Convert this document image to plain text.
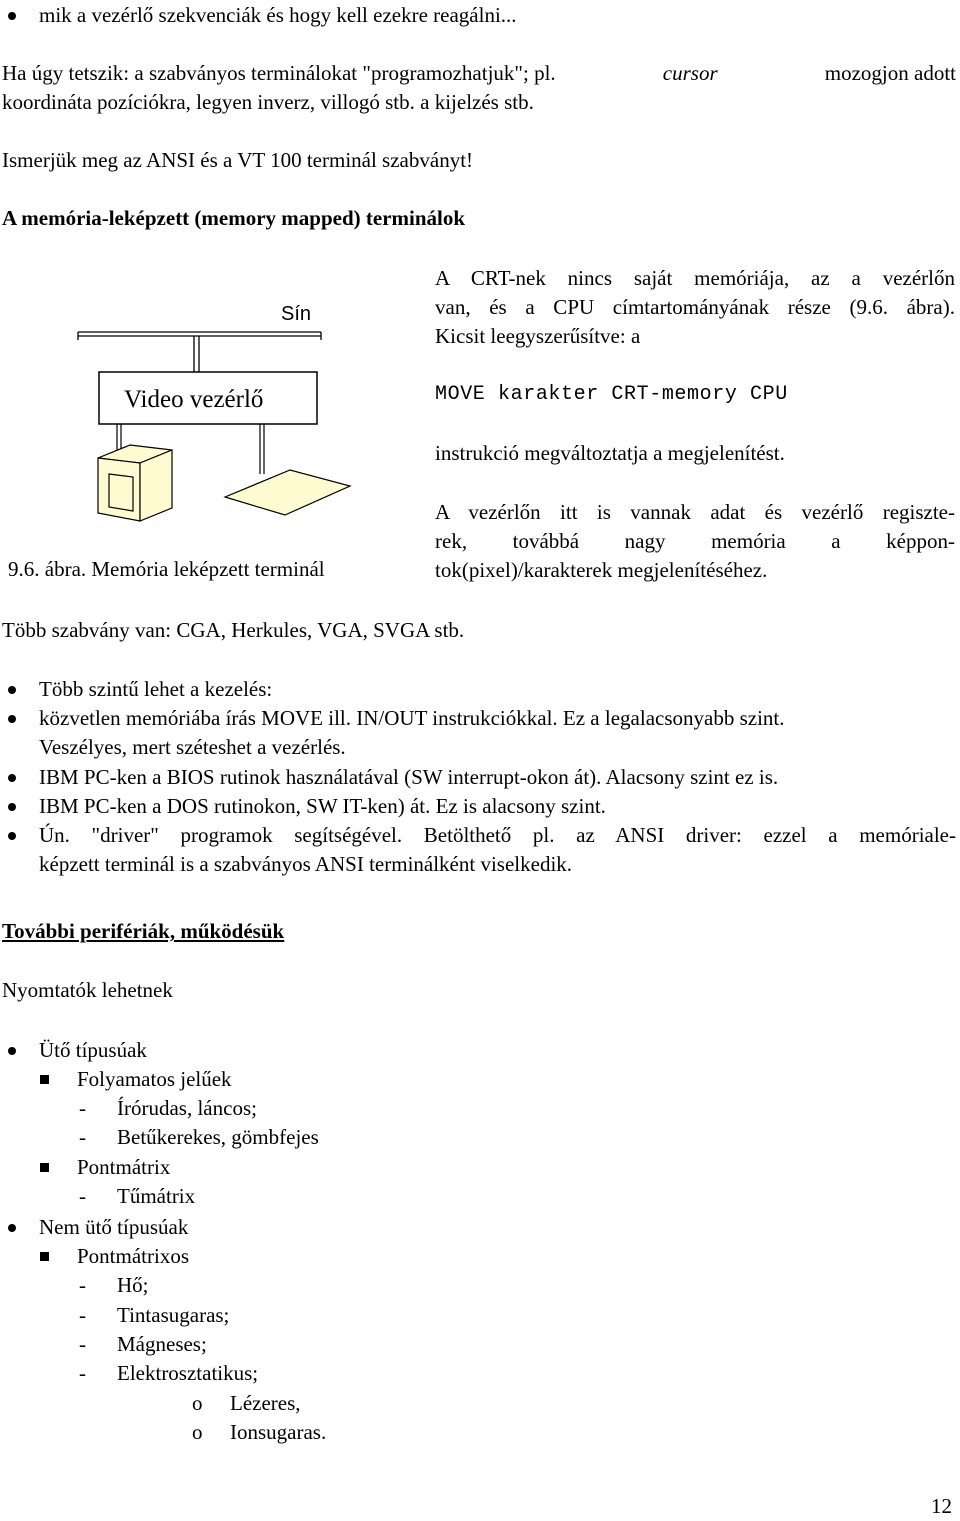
mik a vezérlő szekvenciák és hogy kell ezekre reagálni...
Ha úgy tetszik: a szabványos terminálokat "programozhatjuk"; pl.	cursor	mozogjon adott
koordináta pozíciókra, legyen inverz, villogó stb. a kijelzés stb.
Ismerjük meg az ANSI és a VT 100 terminál szabványt!
A memória-leképzett (memory mapped) terminálok
Sín
Video vezérlő
9.6. ábra. Memória leképzett terminál
A CRT-nek nincs saját memóriája, az a vezérlőn
van, és a CPU címtartományának része (9.6. ábra).
Kicsit leegyszerűsítve: a
MOVE karakter CRT-memory CPU
instrukció megváltoztatja a megjelenítést.
A vezérlőn itt is vannak adat és vezérlő regiszte-
rek, továbbá nagy memória a képpon-
tok(pixel)/karakterek megjelenítéséhez.
Több szabvány van: CGA, Herkules, VGA, SVGA stb.
Több szintű lehet a kezelés:
közvetlen memóriába írás MOVE ill. IN/OUT instrukciókkal. Ez a legalacsonyabb szint.
Veszélyes, mert széteshet a vezérlés.
IBM PC-ken a BIOS rutinok használatával (SW interrupt-okon át). Alacsony szint ez is.
IBM PC-ken a DOS rutinokon, SW IT-ken) át. Ez is alacsony szint.
Ún. "driver" programok segítségével. Betölthető pl. az ANSI driver: ezzel a memóriale-
képzett terminál is a szabványos ANSI terminálként viselkedik.
További perifériák, működésük
Nyomtatók lehetnek
Ütő típusúak
Folyamatos jelűek
- Írórudas, láncos;
- Betűkerekes, gömbfejes
Pontmátrix
- Tűmátrix
Nem ütő típusúak
Pontmátrixos
- Hő;
- Tintasugaras;
- Mágneses;
- Elektrosztatikus;
o Lézeres,
o Ionsugaras.
12
